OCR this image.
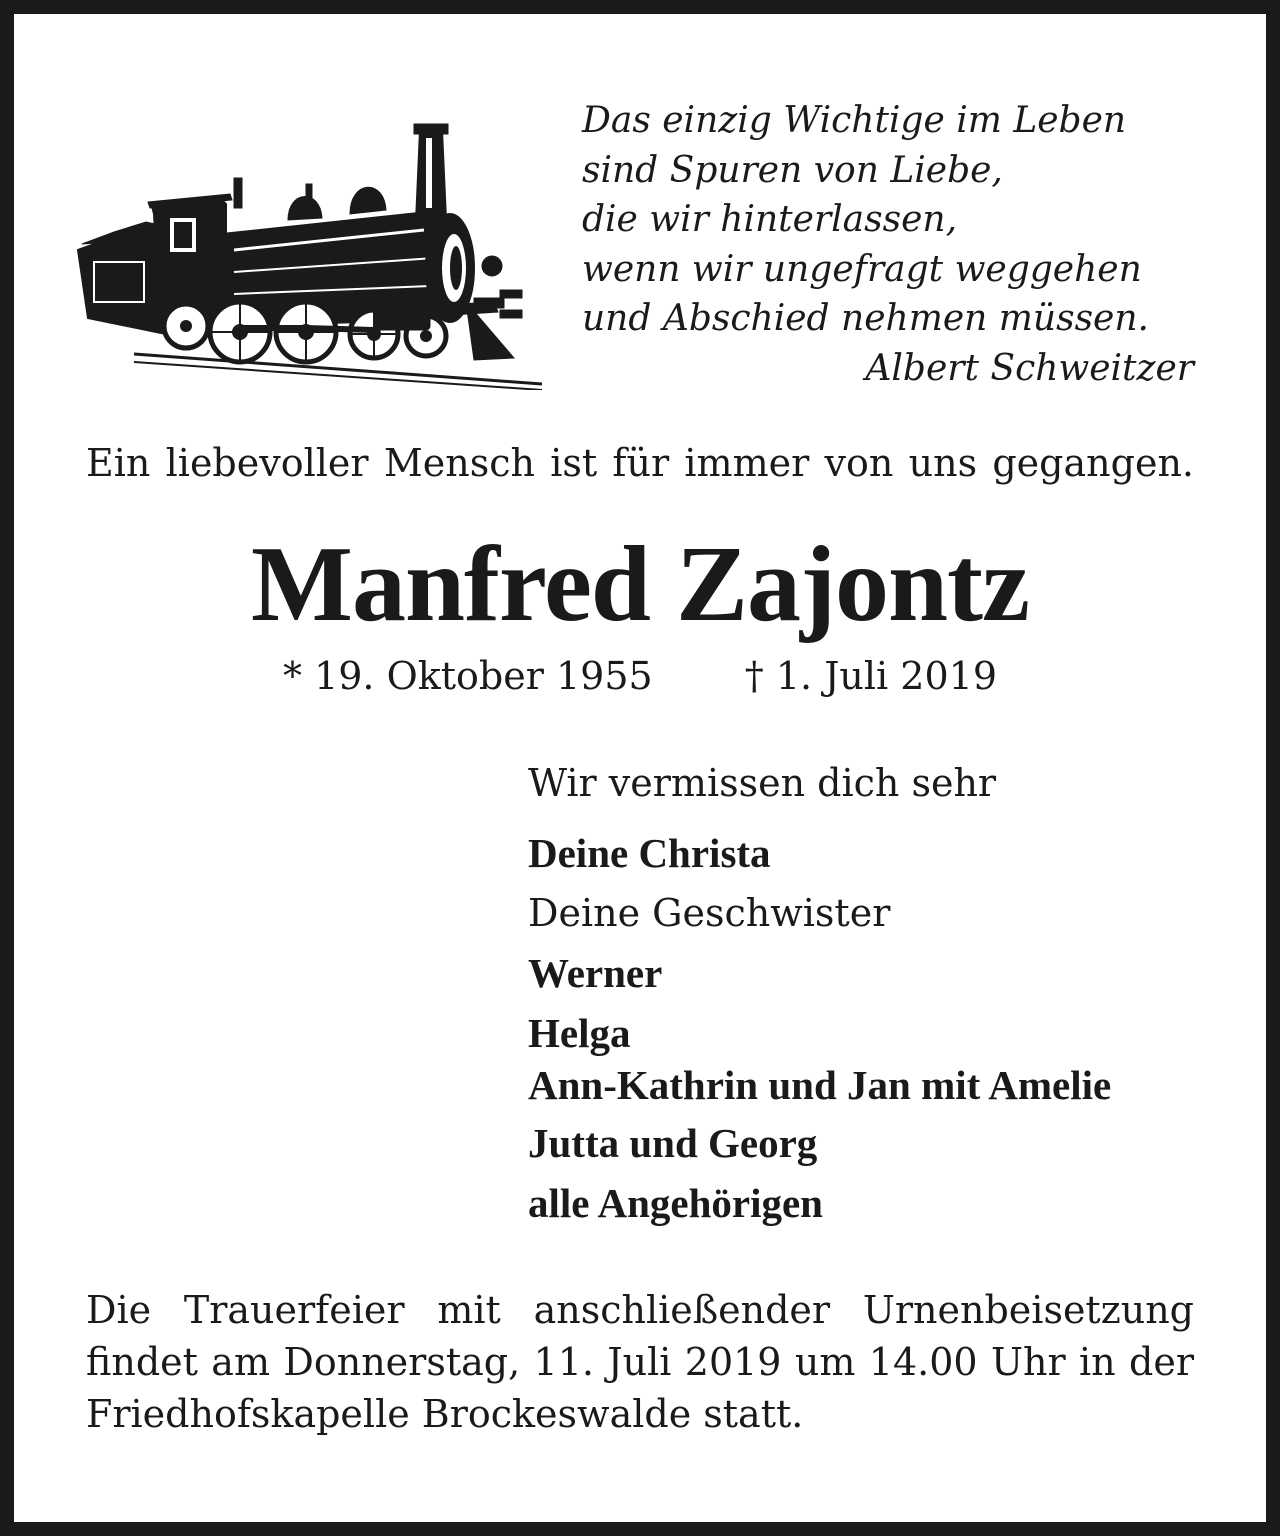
Das einzig Wichtige im Leben
sind Spuren von Liebe,
die wir hinterlassen,
wenn wir ungefragt weggehen
und Abschied nehmen müssen.
Albert Schweitzer
Ein liebevoller Mensch ist für immer von uns gegangen.
Manfred Zajontz
* 19. Oktober 1955 † 1. Juli 2019
Wir vermissen dich sehr
Deine Christa
Deine Geschwister
Werner
Helga
Ann-Kathrin und Jan mit Amelie
Jutta und Georg
alle Angehörigen
Die Trauerfeier mit anschließender Urnenbeisetzung
findet am Donnerstag, 11. Juli 2019 um 14.00 Uhr in der
Friedhofskapelle Brockeswalde statt.
